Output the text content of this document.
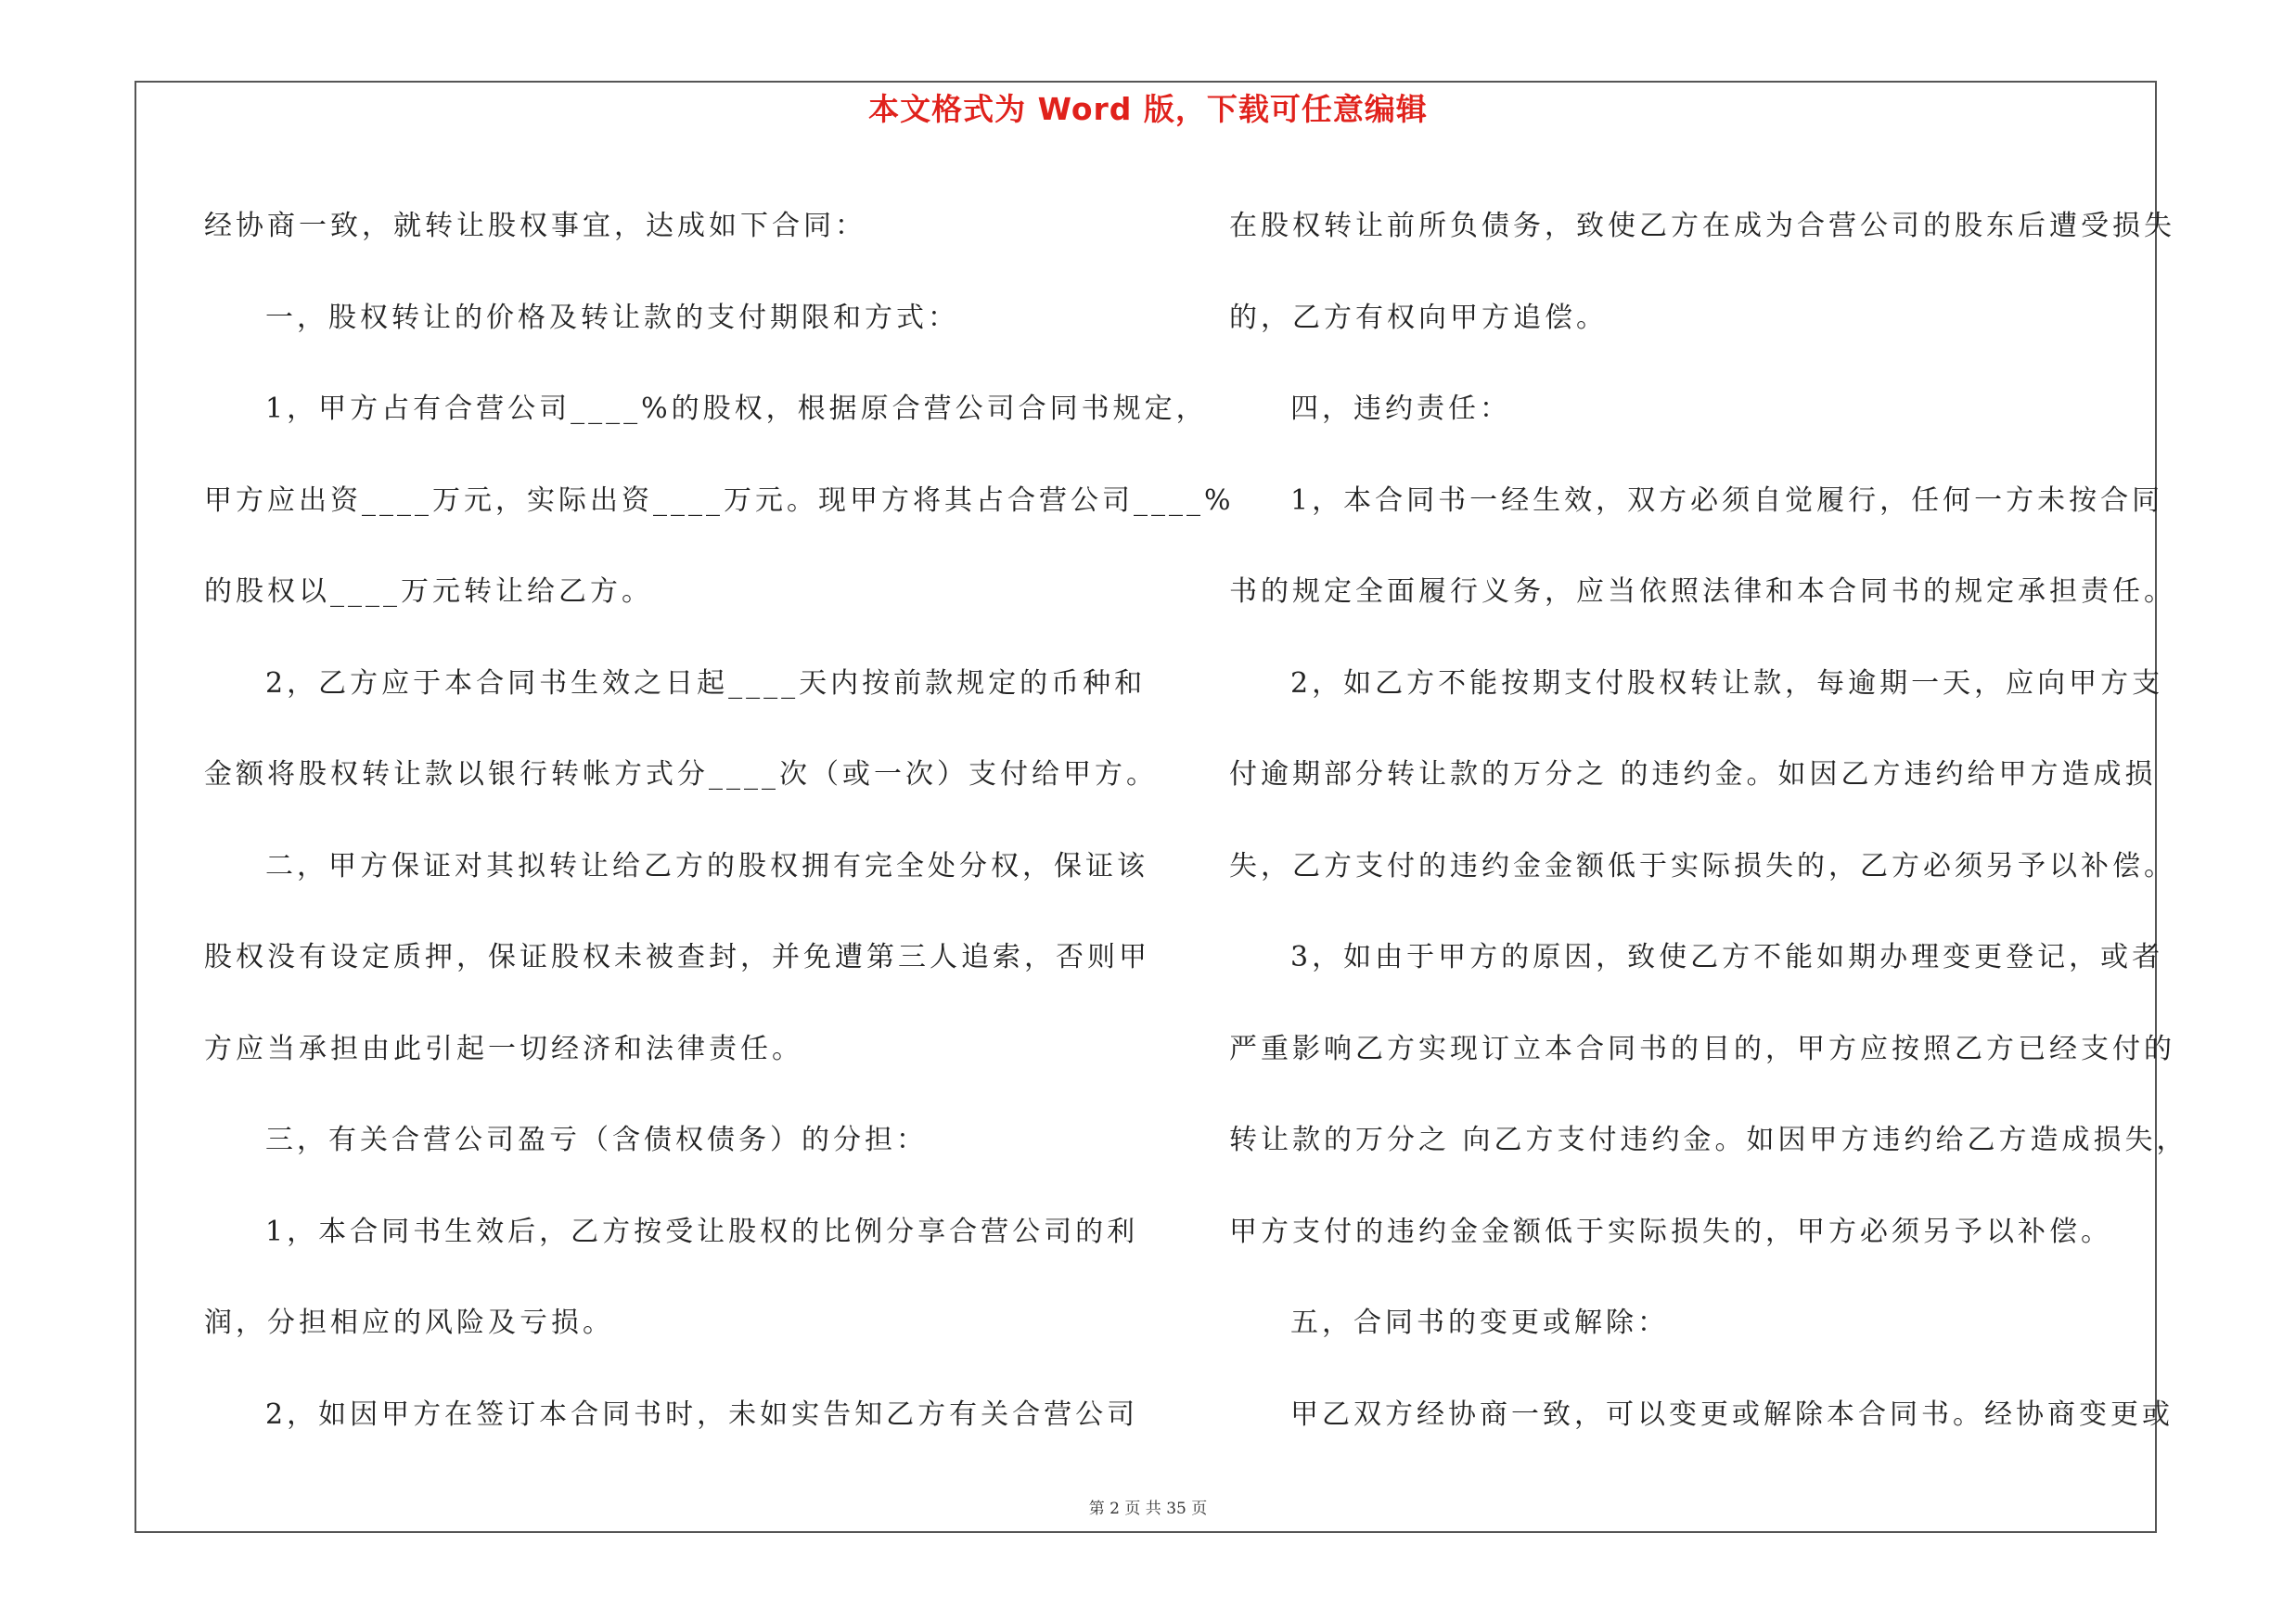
本文格式为 Word 版，下载可任意编辑
经协商一致，就转让股权事宜，达成如下合同：
一，股权转让的价格及转让款的支付期限和方式：
1，甲方占有合营公司____%的股权，根据原合营公司合同书规定，
甲方应出资____万元，实际出资____万元。现甲方将其占合营公司____%
的股权以____万元转让给乙方。
2，乙方应于本合同书生效之日起____天内按前款规定的币种和
金额将股权转让款以银行转帐方式分____次（或一次）支付给甲方。
二，甲方保证对其拟转让给乙方的股权拥有完全处分权，保证该
股权没有设定质押，保证股权未被查封，并免遭第三人追索，否则甲
方应当承担由此引起一切经济和法律责任。
三，有关合营公司盈亏（含债权债务）的分担：
1，本合同书生效后，乙方按受让股权的比例分享合营公司的利
润，分担相应的风险及亏损。
2，如因甲方在签订本合同书时，未如实告知乙方有关合营公司
在股权转让前所负债务，致使乙方在成为合营公司的股东后遭受损失
的，乙方有权向甲方追偿。
四，违约责任：
1，本合同书一经生效，双方必须自觉履行，任何一方未按合同
书的规定全面履行义务，应当依照法律和本合同书的规定承担责任。
2，如乙方不能按期支付股权转让款，每逾期一天，应向甲方支
付逾期部分转让款的万分之 的违约金。如因乙方违约给甲方造成损
失，乙方支付的违约金金额低于实际损失的，乙方必须另予以补偿。
3，如由于甲方的原因，致使乙方不能如期办理变更登记，或者
严重影响乙方实现订立本合同书的目的，甲方应按照乙方已经支付的
转让款的万分之 向乙方支付违约金。如因甲方违约给乙方造成损失，
甲方支付的违约金金额低于实际损失的，甲方必须另予以补偿。
五，合同书的变更或解除：
甲乙双方经协商一致，可以变更或解除本合同书。经协商变更或
第 2 页 共 35 页
